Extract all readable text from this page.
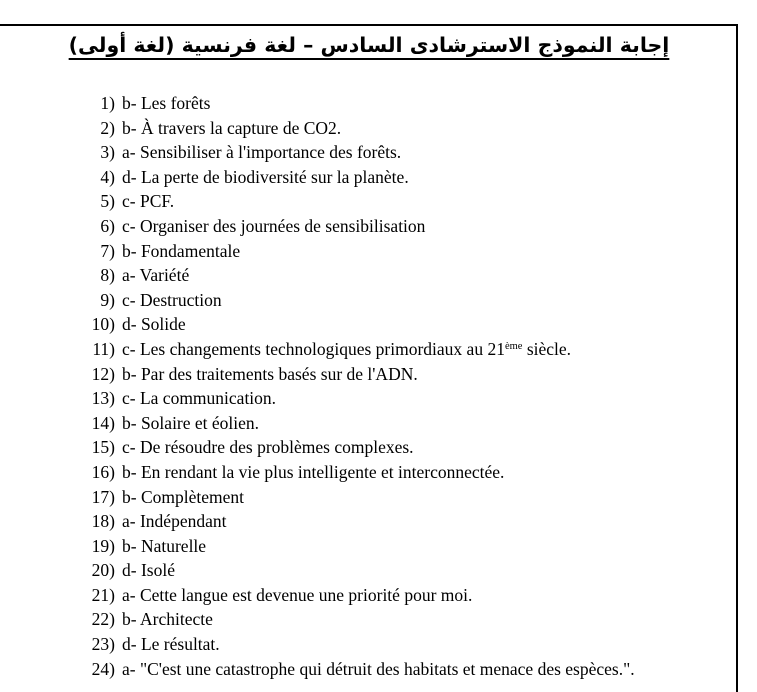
إجابة النموذج الاسترشادى السادس – لغة فرنسية (لغة أولى)
1) b- Les forêts
2) b- À travers la capture de CO2.
3) a- Sensibiliser à l'importance des forêts.
4) d- La perte de biodiversité sur la planète.
5) c- PCF.
6) c- Organiser des journées de sensibilisation
7) b- Fondamentale
8) a- Variété
9) c- Destruction
10) d- Solide
11) c- Les changements technologiques primordiaux au 21ème siècle.
12) b- Par des traitements basés sur de l'ADN.
13) c- La communication.
14) b- Solaire et éolien.
15) c- De résoudre des problèmes complexes.
16) b- En rendant la vie plus intelligente et interconnectée.
17) b- Complètement
18) a- Indépendant
19) b- Naturelle
20) d- Isolé
21) a- Cette langue est devenue une priorité pour moi.
22) b- Architecte
23) d- Le résultat.
24) a- "C'est une catastrophe qui détruit des habitats et menace des espèces.".
